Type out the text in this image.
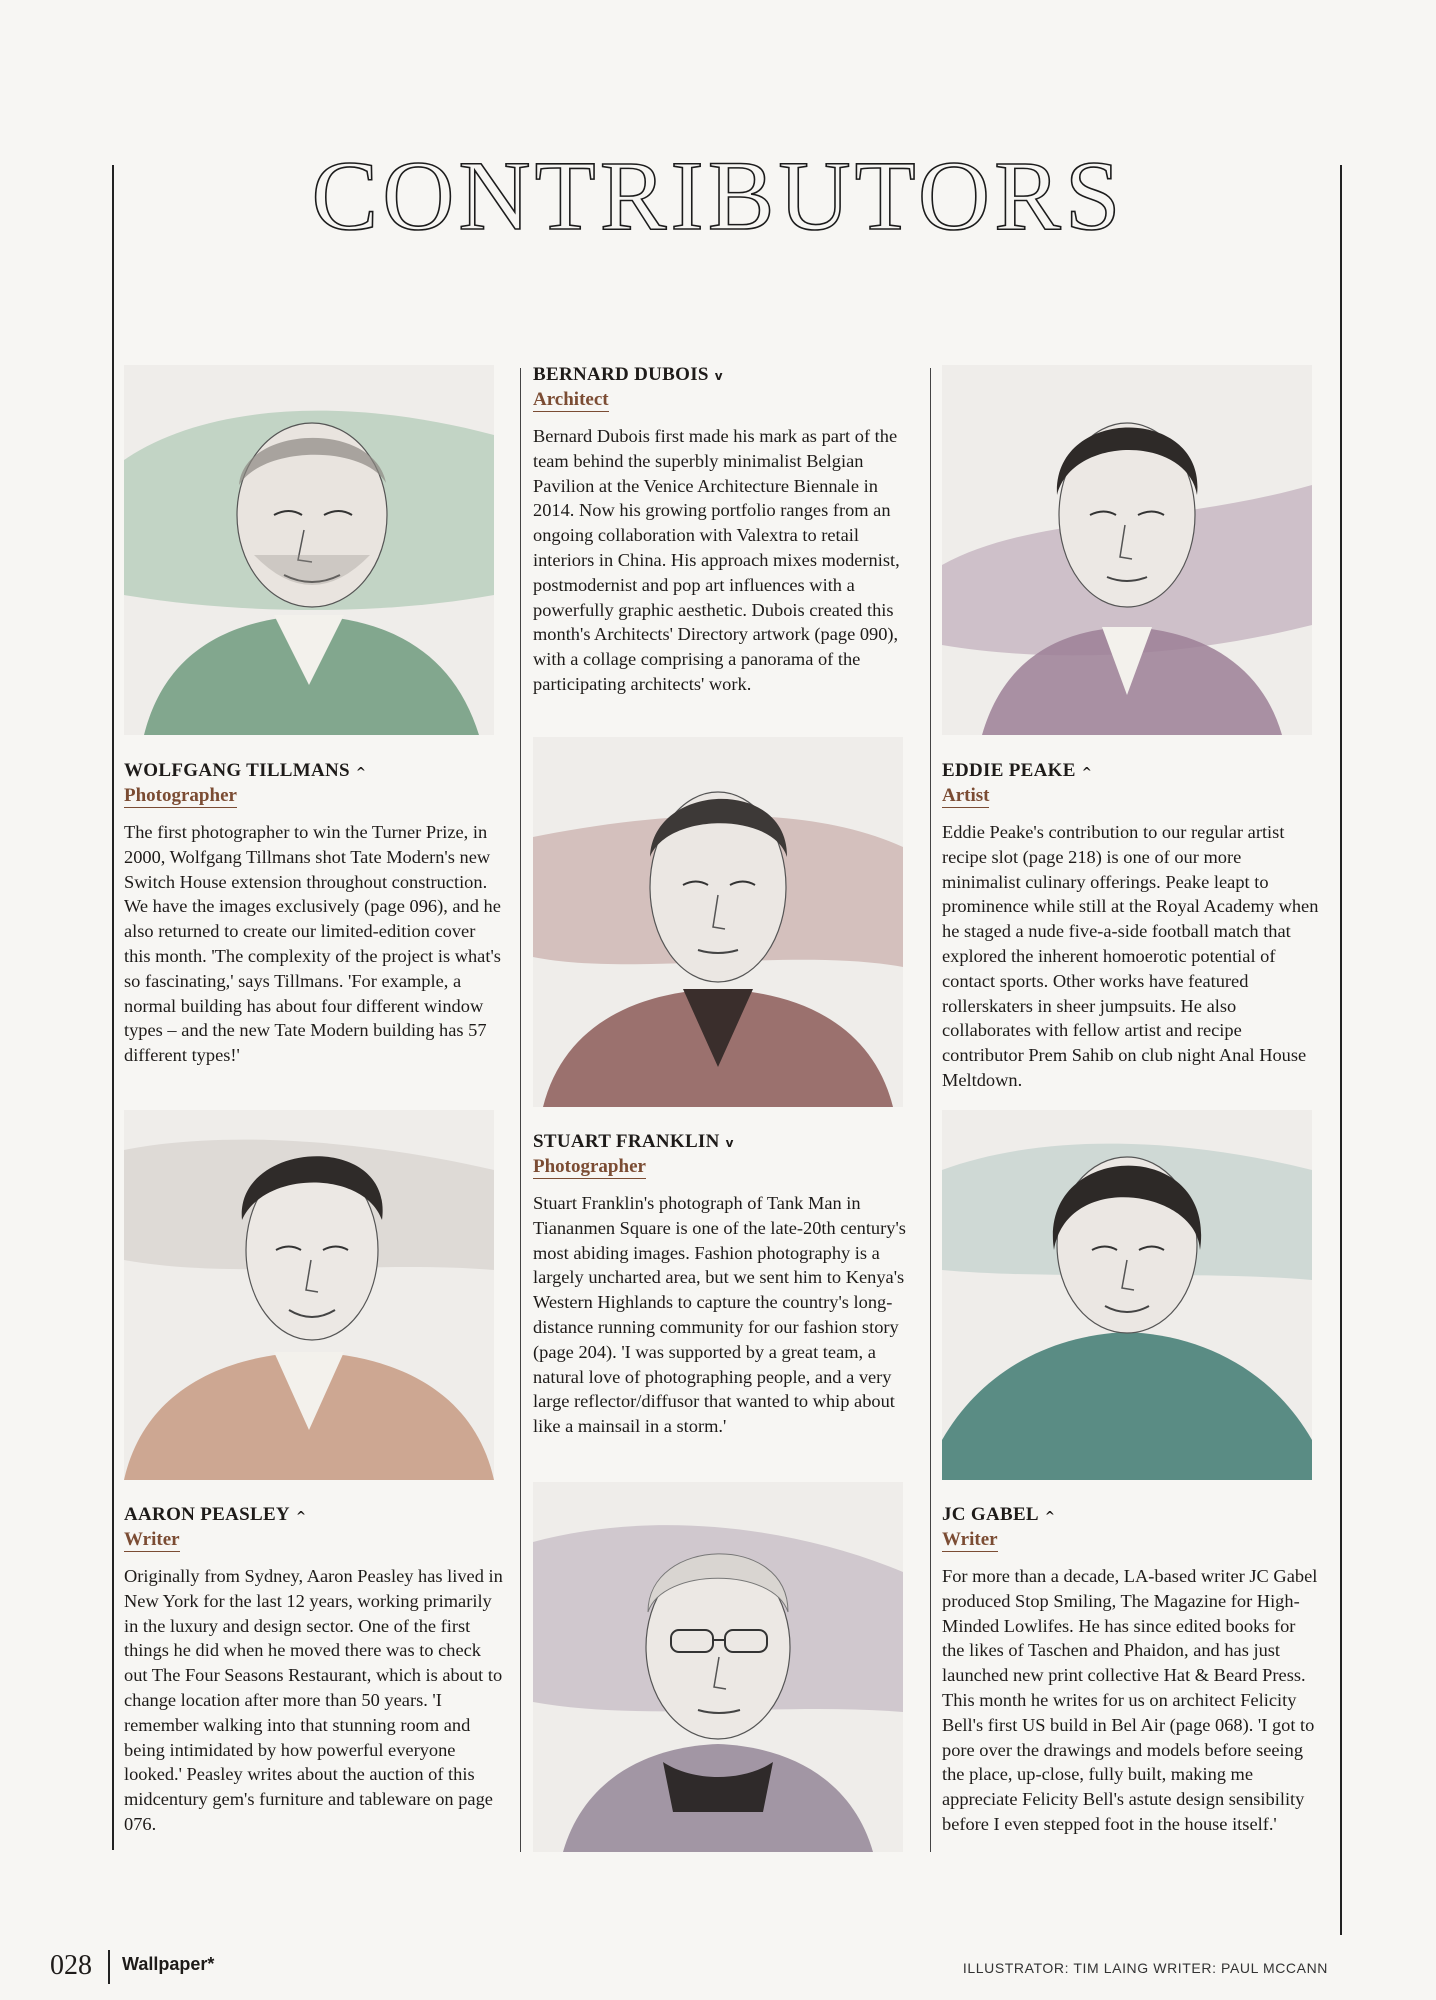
CONTRIBUTORS
BERNARD DUBOIS v
Architect

Bernard Dubois first made his mark as part of the team behind the superbly minimalist Belgian Pavilion at the Venice Architecture Biennale in 2014. Now his growing portfolio ranges from an ongoing collaboration with Valextra to retail interiors in China. His approach mixes modernist, postmodernist and pop art influences with a powerfully graphic aesthetic. Dubois created this month's Architects' Directory artwork (page 090), with a collage comprising a panorama of the participating architects' work.

WOLFGANG TILLMANS ^
Photographer

The first photographer to win the Turner Prize, in 2000, Wolfgang Tillmans shot Tate Modern's new Switch House extension throughout construction. We have the images exclusively (page 096), and he also returned to create our limited-edition cover this month. 'The complexity of the project is what's so fascinating,' says Tillmans. 'For example, a normal building has about four different window types – and the new Tate Modern building has 57 different types!'

EDDIE PEAKE ^
Artist

Eddie Peake's contribution to our regular artist recipe slot (page 218) is one of our more minimalist culinary offerings. Peake leapt to prominence while still at the Royal Academy when he staged a nude five-a-side football match that explored the inherent homoerotic potential of contact sports. Other works have featured rollerskaters in sheer jumpsuits. He also collaborates with fellow artist and recipe contributor Prem Sahib on club night Anal House Meltdown.

STUART FRANKLIN v
Photographer

Stuart Franklin's photograph of Tank Man in Tiananmen Square is one of the late-20th century's most abiding images. Fashion photography is a largely uncharted area, but we sent him to Kenya's Western Highlands to capture the country's long-distance running community for our fashion story (page 204). 'I was supported by a great team, a natural love of photographing people, and a very large reflector/diffusor that wanted to whip about like a mainsail in a storm.'

AARON PEASLEY ^
Writer

Originally from Sydney, Aaron Peasley has lived in New York for the last 12 years, working primarily in the luxury and design sector. One of the first things he did when he moved there was to check out The Four Seasons Restaurant, which is about to change location after more than 50 years. 'I remember walking into that stunning room and being intimidated by how powerful everyone looked.' Peasley writes about the auction of this midcentury gem's furniture and tableware on page 076.

JC GABEL ^
Writer

For more than a decade, LA-based writer JC Gabel produced Stop Smiling, The Magazine for High-Minded Lowlifes. He has since edited books for the likes of Taschen and Phaidon, and has just launched new print collective Hat & Beard Press. This month he writes for us on architect Felicity Bell's first US build in Bel Air (page 068). 'I got to pore over the drawings and models before seeing the place, up-close, fully built, making me appreciate Felicity Bell's astute design sensibility before I even stepped foot in the house itself.'

028 Wallpaper*	ILLUSTRATOR: TIM LAING WRITER: PAUL MCCANN
